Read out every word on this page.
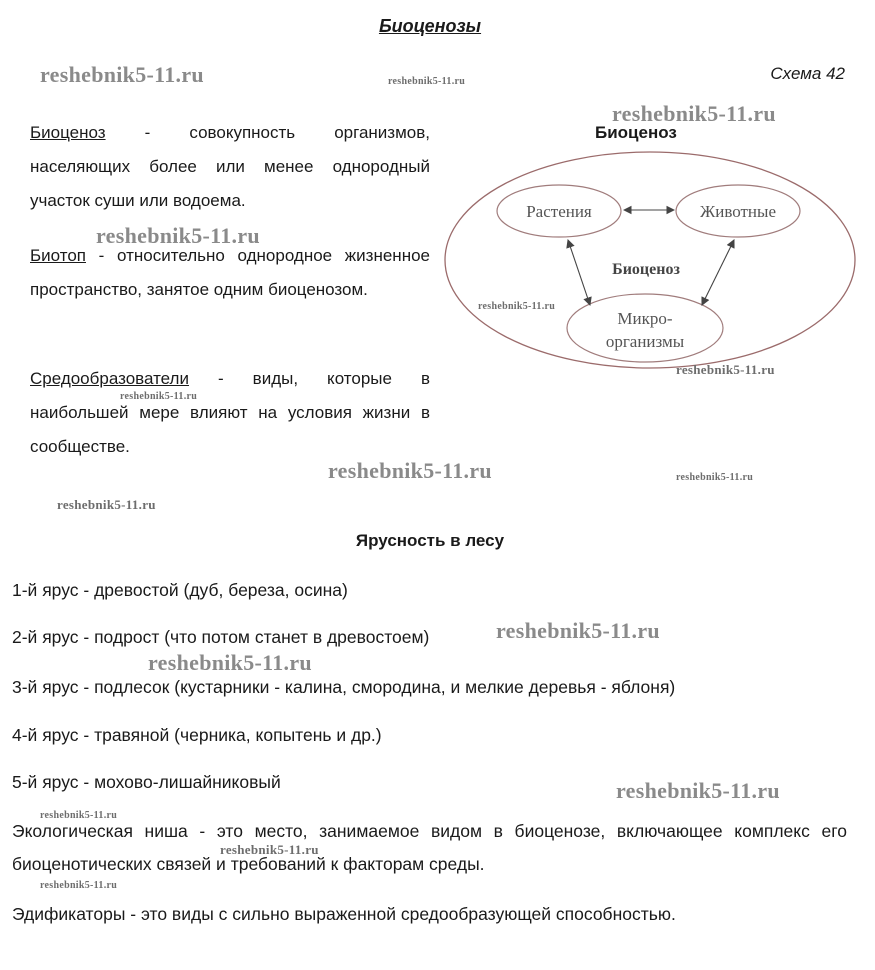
Биоценозы
Схема 42
Биоценоз - совокупность организмов, населяющих более или менее однородный участок суши или водоема.
Биотоп - относительно однородное жизненное пространство, занятое одним биоценозом.
Средообразователи - виды, которые в наибольшей мере влияют на условия жизни в сообществе.
Биоценоз
Растения	Животные
Микро-
организмы
Биоценоз
Ярусность в лесу
1-й ярус - древостой (дуб, береза, осина)
2-й ярус - подрост (что потом станет в древостоем)
3-й ярус - подлесок (кустарники - калина, смородина, и мелкие деревья - яблоня)
4-й ярус - травяной (черника, копытень и др.)
5-й ярус - мохово-лишайниковый
Экологическая ниша - это место, занимаемое видом в биоценозе, включающее комплекс его биоценотических связей и требований к факторам среды.
Эдификаторы - это виды с сильно выраженной средообразующей способностью.
reshebnik5-11.ru	reshebnik5-11.ru
reshebnik5-11.ru
reshebnik5-11.ru
reshebnik5-11.ru
reshebnik5-11.ru
reshebnik5-11.ru
reshebnik5-11.ru	reshebnik5-11.ru
reshebnik5-11.ru
reshebnik5-11.ru
reshebnik5-11.ru
reshebnik5-11.ru
reshebnik5-11.ru
reshebnik5-11.ru
reshebnik5-11.ru
